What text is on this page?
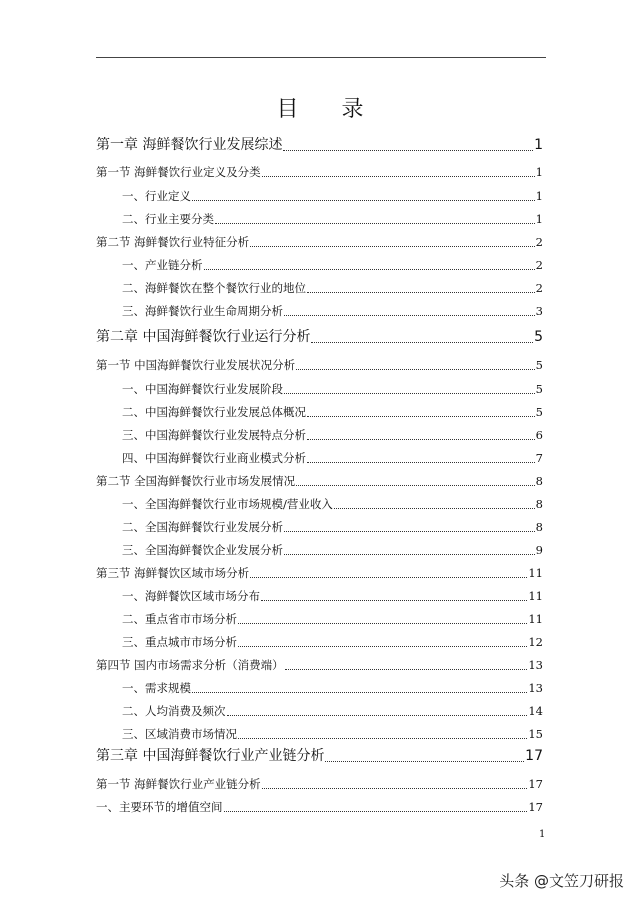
目 录
第一章 海鲜餐饮行业发展综述	1
第一节 海鲜餐饮行业定义及分类	1
一、行业定义	1
二、行业主要分类	1
第二节 海鲜餐饮行业特征分析	2
一、产业链分析	2
二、海鲜餐饮在整个餐饮行业的地位	2
三、海鲜餐饮行业生命周期分析	3
第二章 中国海鲜餐饮行业运行分析	5
第一节 中国海鲜餐饮行业发展状况分析	5
一、中国海鲜餐饮行业发展阶段	5
二、中国海鲜餐饮行业发展总体概况	5
三、中国海鲜餐饮行业发展特点分析	6
四、中国海鲜餐饮行业商业模式分析	7
第二节 全国海鲜餐饮行业市场发展情况	8
一、全国海鲜餐饮行业市场规模/营业收入	8
二、全国海鲜餐饮行业发展分析	8
三、全国海鲜餐饮企业发展分析	9
第三节 海鲜餐饮区域市场分析	11
一、海鲜餐饮区域市场分布	11
二、重点省市市场分析	11
三、重点城市市场分析	12
第四节 国内市场需求分析（消费端）	13
一、需求规模	13
二、人均消费及频次	14
三、区域消费市场情况	15
第三章 中国海鲜餐饮行业产业链分析	17
第一节 海鲜餐饮行业产业链分析	17
一、主要环节的增值空间	17
1
头条 @文笠刀研报
